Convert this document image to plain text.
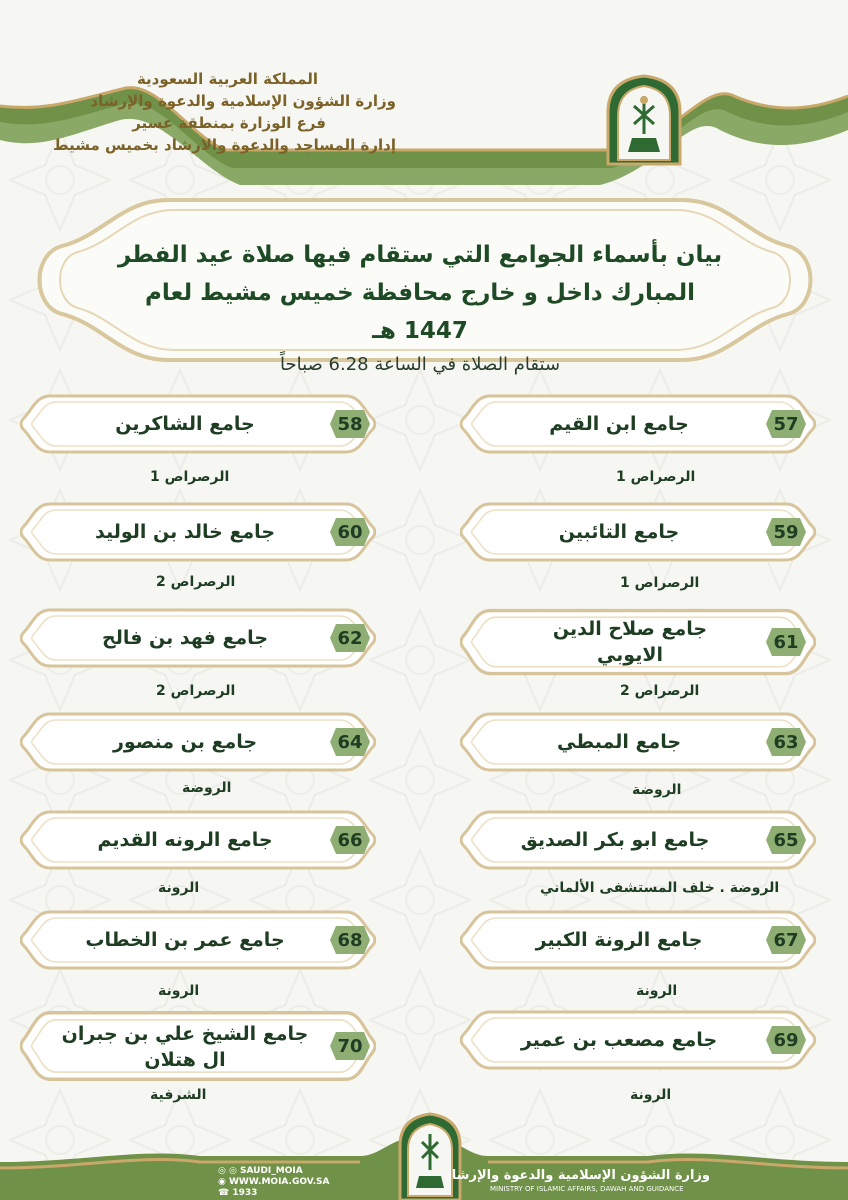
المملكة العربية السعودية
وزارة الشؤون الإسلامية والدعوة والإرشاد
فرع الوزارة بمنطقة عسير
إدارة المساجد والدعوة والارشاد بخميس مشيط
بيان بأسماء الجوامع التي ستقام فيها صلاة عيد الفطر
المبارك داخل و خارج محافظة خميس مشيط لعام 1447 هـ
ستقام الصلاة في الساعة 6.28 صباحاً
57
جامع ابن القيم
الرصراص 1
58
جامع الشاكرين
الرصراص 1
59
جامع التائبين
الرصراص 1
60
جامع خالد بن الوليد
الرصراص 2
61
جامع صلاح الدين الايوبي
الرصراص 2
62
جامع فهد بن فالح
الرصراص 2
63
جامع المبطي
الروضة
64
جامع بن منصور
الروضة
65
جامع ابو بكر الصديق
الروضة . خلف المستشفى الألماني
66
جامع الرونه القديم
الرونة
67
جامع الرونة الكبير
الرونة
68
جامع عمر بن الخطاب
الرونة
69
جامع مصعب بن عمير
الرونة
70
جامع الشيخ علي بن جبران ال هتلان
الشرفية
◎ ◎ SAUDI_MOIA
◉ WWW.MOIA.GOV.SA
☎ 1933
وزارة الشؤون الإسلامية والدعوة والإرشاد
MINISTRY OF ISLAMIC AFFAIRS, DAWAH AND GUIDANCE
